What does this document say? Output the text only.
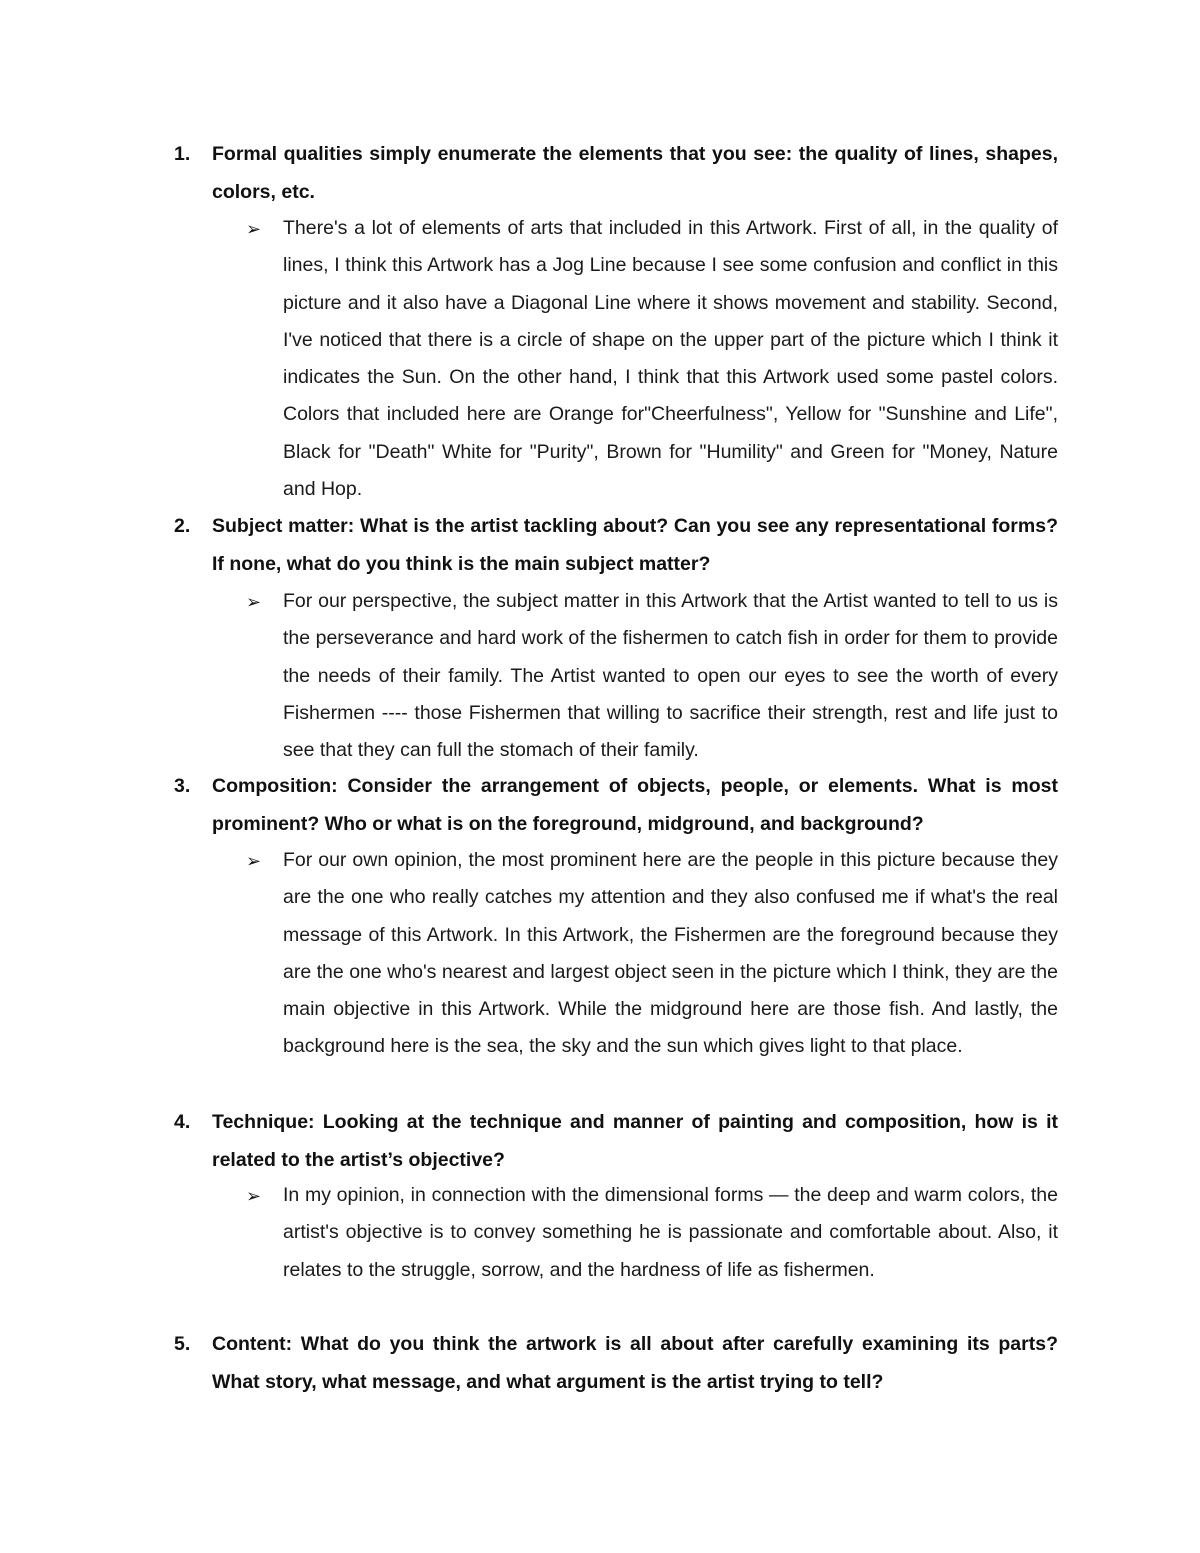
1. Formal qualities simply enumerate the elements that you see: the quality of lines, shapes, colors, etc.
➢ There's a lot of elements of arts that included in this Artwork. First of all, in the quality of lines, I think this Artwork has a Jog Line because I see some confusion and conflict in this picture and it also have a Diagonal Line where it shows movement and stability. Second, I've noticed that there is a circle of shape on the upper part of the picture which I think it indicates the Sun. On the other hand, I think that this Artwork used some pastel colors. Colors that included here are Orange for"Cheerfulness", Yellow for "Sunshine and Life", Black for "Death" White for "Purity", Brown for "Humility" and Green for "Money, Nature and Hop.
2. Subject matter: What is the artist tackling about? Can you see any representational forms? If none, what do you think is the main subject matter?
➢ For our perspective, the subject matter in this Artwork that the Artist wanted to tell to us is the perseverance and hard work of the fishermen to catch fish in order for them to provide the needs of their family. The Artist wanted to open our eyes to see the worth of every Fishermen ---- those Fishermen that willing to sacrifice their strength, rest and life just to see that they can full the stomach of their family.
3. Composition: Consider the arrangement of objects, people, or elements. What is most prominent? Who or what is on the foreground, midground, and background?
➢ For our own opinion, the most prominent here are the people in this picture because they are the one who really catches my attention and they also confused me if what's the real message of this Artwork. In this Artwork, the Fishermen are the foreground because they are the one who's nearest and largest object seen in the picture which I think, they are the main objective in this Artwork. While the midground here are those fish. And lastly, the background here is the sea, the sky and the sun which gives light to that place.
4. Technique: Looking at the technique and manner of painting and composition, how is it related to the artist’s objective?
➢ In my opinion, in connection with the dimensional forms — the deep and warm colors, the artist's objective is to convey something he is passionate and comfortable about. Also, it relates to the struggle, sorrow, and the hardness of life as fishermen.
5. Content: What do you think the artwork is all about after carefully examining its parts? What story, what message, and what argument is the artist trying to tell?
